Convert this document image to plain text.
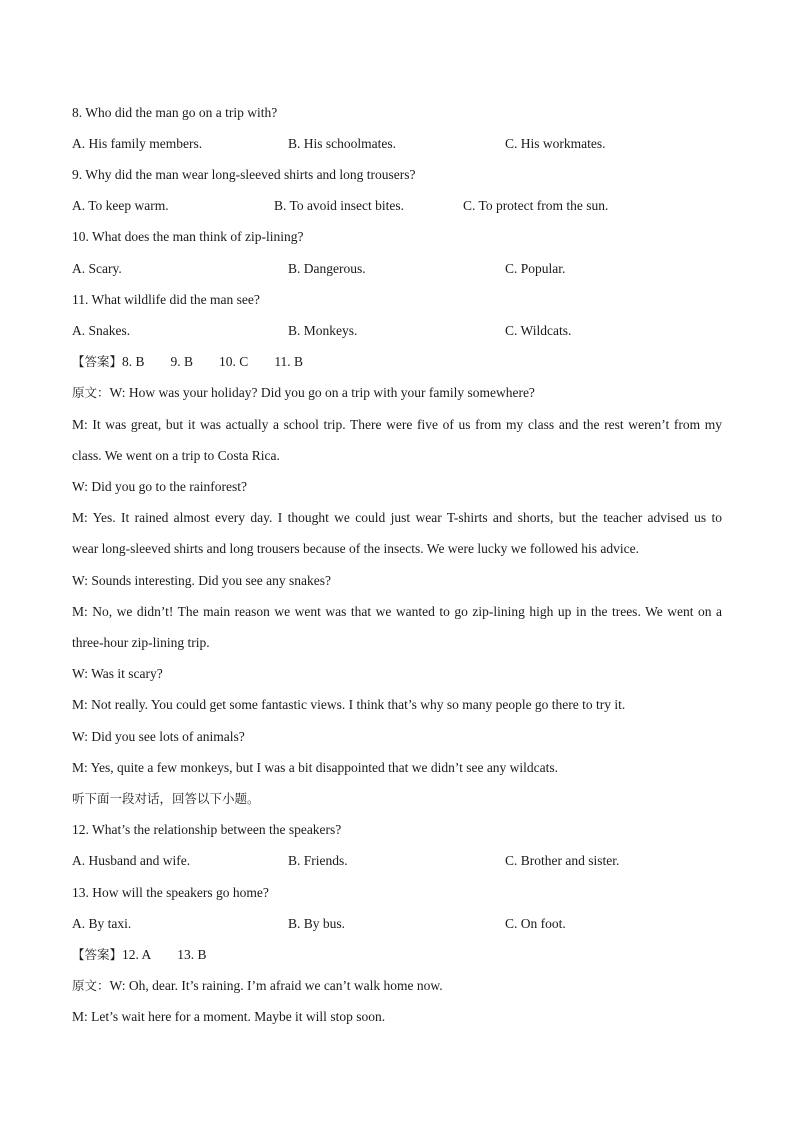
8. Who did the man go on a trip with?
A. His family members.	B. His schoolmates.	C. His workmates.
9. Why did the man wear long-sleeved shirts and long trousers?
A. To keep warm.	B. To avoid insect bites.	C. To protect from the sun.
10. What does the man think of zip-lining?
A. Scary.	B. Dangerous.	C. Popular.
11. What wildlife did the man see?
A. Snakes.	B. Monkeys.	C. Wildcats.
【答案】8. B 9. B 10. C 11. B
原文：W: How was your holiday? Did you go on a trip with your family somewhere?
M: It was great, but it was actually a school trip. There were five of us from my class and the rest weren’t from my
class. We went on a trip to Costa Rica.
W: Did you go to the rainforest?
M: Yes. It rained almost every day. I thought we could just wear T-shirts and shorts, but the teacher advised us to
wear long-sleeved shirts and long trousers because of the insects. We were lucky we followed his advice.
W: Sounds interesting. Did you see any snakes?
M: No, we didn’t! The main reason we went was that we wanted to go zip-lining high up in the trees. We went on a
three-hour zip-lining trip.
W: Was it scary?
M: Not really. You could get some fantastic views. I think that’s why so many people go there to try it.
W: Did you see lots of animals?
M: Yes, quite a few monkeys, but I was a bit disappointed that we didn’t see any wildcats.
听下面一段对话，回答以下小题。
12. What’s the relationship between the speakers?
A. Husband and wife.	B. Friends.	C. Brother and sister.
13. How will the speakers go home?
A. By taxi.	B. By bus.	C. On foot.
【答案】12. A 13. B
原文：W: Oh, dear. It’s raining. I’m afraid we can’t walk home now.
M: Let’s wait here for a moment. Maybe it will stop soon.
